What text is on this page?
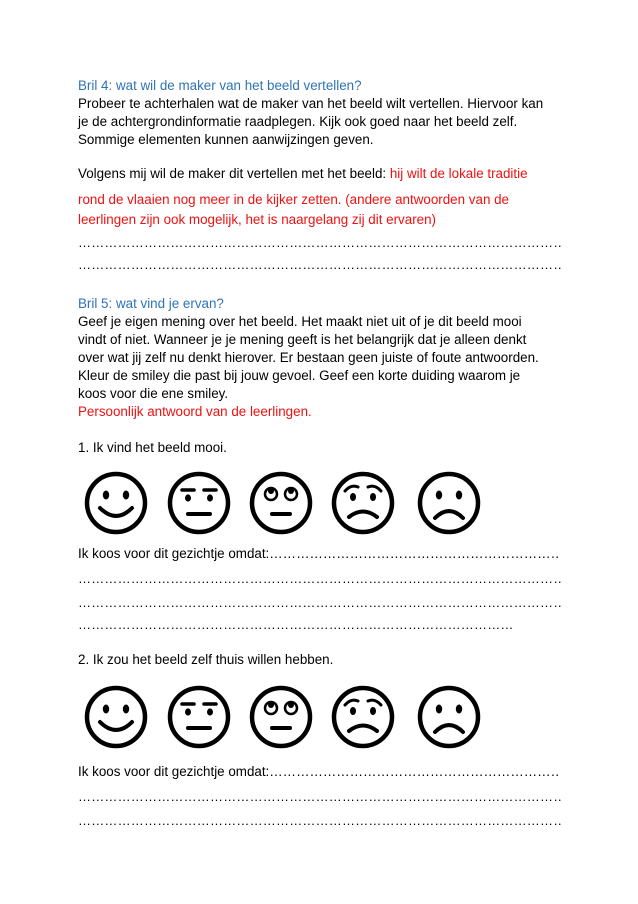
Bril 4: wat wil de maker van het beeld vertellen?
Probeer te achterhalen wat de maker van het beeld wilt vertellen. Hiervoor kan
je de achtergrondinformatie raadplegen. Kijk ook goed naar het beeld zelf.
Sommige elementen kunnen aanwijzingen geven.
Volgens mij wil de maker dit vertellen met het beeld: hij wilt de lokale traditie
rond de vlaaien nog meer in de kijker zetten. (andere antwoorden van de
leerlingen zijn ook mogelijk, het is naargelang zij dit ervaren)
…………………………………………………………………………………………………………………………………………
…………………………………………………………………………………………………………………………………………
Bril 5: wat vind je ervan?
Geef je eigen mening over het beeld. Het maakt niet uit of je dit beeld mooi
vindt of niet. Wanneer je je mening geeft is het belangrijk dat je alleen denkt
over wat jij zelf nu denkt hierover. Er bestaan geen juiste of foute antwoorden.
Kleur de smiley die past bij jouw gevoel. Geef een korte duiding waarom je
koos voor die ene smiley.
Persoonlijk antwoord van de leerlingen.
1. Ik vind het beeld mooi.
Ik koos voor dit gezichtje omdat:…………………………………………………………………………………………………………
…………………………………………………………………………………………………………………………………………
…………………………………………………………………………………………………………………………………………
…………………………………………………………………………………………………………………………………………
2. Ik zou het beeld zelf thuis willen hebben.
Ik koos voor dit gezichtje omdat:…………………………………………………………………………………………………………
…………………………………………………………………………………………………………………………………………
…………………………………………………………………………………………………………………………………………
